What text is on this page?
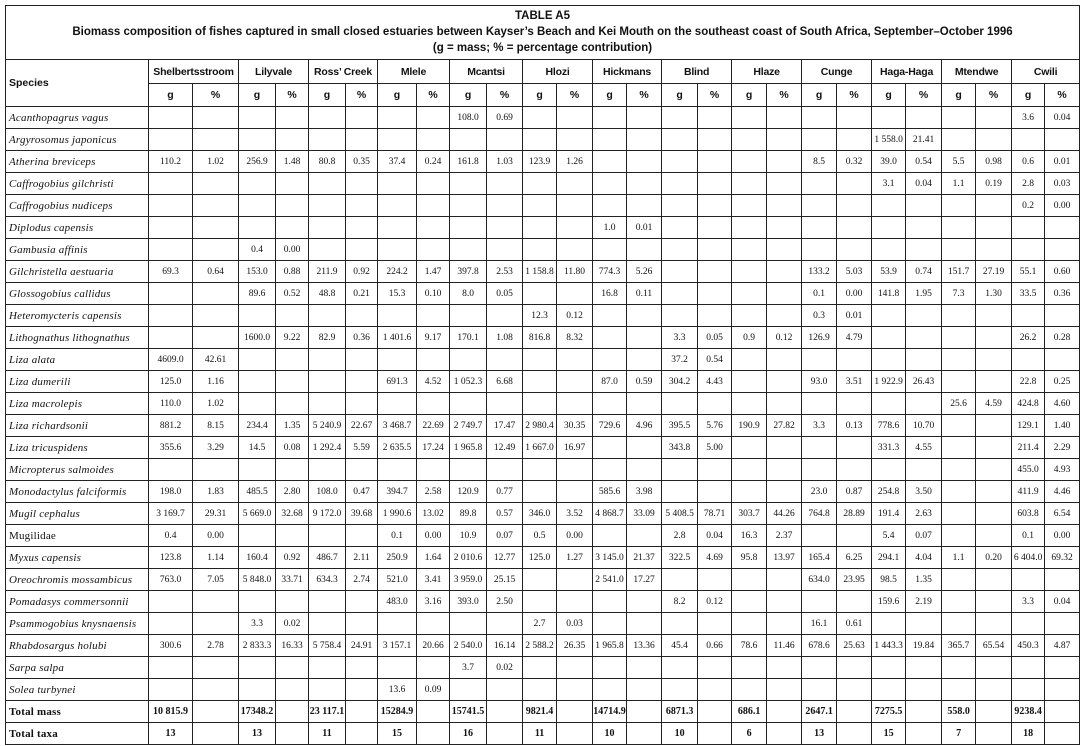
TABLE A5
Biomass composition of fishes captured in small closed estuaries between Kayser’s Beach and Kei Mouth on the southeast coast of South Africa, September–October 1996
(g = mass; % = percentage contribution)
Species	Shelbertsstroom		Lilyvale		Ross’ Creek		Mlele		Mcantsi		Hlozi		Hickmans		Blind		Hlaze		Cunge		Haga-Haga		Mtendwe		Cwili	
	g	%	g	%	g	%	g	%	g	%	g	%	g	%	g	%	g	%	g	%	g	%	g	%	g	%
Acanthopagrus vagus									108.0	0.69															3.6	0.04
Argyrosomus japonicus																					1 558.0	21.41				
Atherina breviceps	110.2	1.02	256.9	1.48	80.8	0.35	37.4	0.24	161.8	1.03	123.9	1.26							8.5	0.32	39.0	0.54	5.5	0.98	0.6	0.01
Caffrogobius gilchristi																					3.1	0.04	1.1	0.19	2.8	0.03
Caffrogobius nudiceps																									0.2	0.00
Diplodus capensis													1.0	0.01												
Gambusia affinis			0.4	0.00																						
Gilchristella aestuaria	69.3	0.64	153.0	0.88	211.9	0.92	224.2	1.47	397.8	2.53	1 158.8	11.80	774.3	5.26					133.2	5.03	53.9	0.74	151.7	27.19	55.1	0.60
Glossogobius callidus			89.6	0.52	48.8	0.21	15.3	0.10	8.0	0.05			16.8	0.11					0.1	0.00	141.8	1.95	7.3	1.30	33.5	0.36
Heteromycteris capensis											12.3	0.12							0.3	0.01						
Lithognathus lithognathus			1600.0	9.22	82.9	0.36	1 401.6	9.17	170.1	1.08	816.8	8.32			3.3	0.05	0.9	0.12	126.9	4.79					26.2	0.28
Liza alata	4609.0	42.61													37.2	0.54										
Liza dumerili	125.0	1.16					691.3	4.52	1 052.3	6.68			87.0	0.59	304.2	4.43			93.0	3.51	1 922.9	26.43			22.8	0.25
Liza macrolepis	110.0	1.02																					25.6	4.59	424.8	4.60
Liza richardsonii	881.2	8.15	234.4	1.35	5 240.9	22.67	3 468.7	22.69	2 749.7	17.47	2 980.4	30.35	729.6	4.96	395.5	5.76	190.9	27.82	3.3	0.13	778.6	10.70			129.1	1.40
Liza tricuspidens	355.6	3.29	14.5	0.08	1 292.4	5.59	2 635.5	17.24	1 965.8	12.49	1 667.0	16.97			343.8	5.00					331.3	4.55			211.4	2.29
Micropterus salmoides																									455.0	4.93
Monodactylus falciformis	198.0	1.83	485.5	2.80	108.0	0.47	394.7	2.58	120.9	0.77			585.6	3.98					23.0	0.87	254.8	3.50			411.9	4.46
Mugil cephalus	3 169.7	29.31	5 669.0	32.68	9 172.0	39.68	1 990.6	13.02	89.8	0.57	346.0	3.52	4 868.7	33.09	5 408.5	78.71	303.7	44.26	764.8	28.89	191.4	2.63			603.8	6.54
Mugilidae	0.4	0.00					0.1	0.00	10.9	0.07	0.5	0.00			2.8	0.04	16.3	2.37			5.4	0.07			0.1	0.00
Myxus capensis	123.8	1.14	160.4	0.92	486.7	2.11	250.9	1.64	2 010.6	12.77	125.0	1.27	3 145.0	21.37	322.5	4.69	95.8	13.97	165.4	6.25	294.1	4.04	1.1	0.20	6 404.0	69.32
Oreochromis mossambicus	763.0	7.05	5 848.0	33.71	634.3	2.74	521.0	3.41	3 959.0	25.15			2 541.0	17.27					634.0	23.95	98.5	1.35				
Pomadasys commersonnii							483.0	3.16	393.0	2.50					8.2	0.12					159.6	2.19			3.3	0.04
Psammogobius knysnaensis			3.3	0.02							2.7	0.03							16.1	0.61						
Rhabdosargus holubi	300.6	2.78	2 833.3	16.33	5 758.4	24.91	3 157.1	20.66	2 540.0	16.14	2 588.2	26.35	1 965.8	13.36	45.4	0.66	78.6	11.46	678.6	25.63	1 443.3	19.84	365.7	65.54	450.3	4.87
Sarpa salpa									3.7	0.02																
Solea turbynei							13.6	0.09																		
Total mass	10 815.9		17348.2		23 117.1		15284.9		15741.5		9821.4		14714.9		6871.3		686.1		2647.1		7275.5		558.0		9238.4	
Total taxa	13		13		11		15		16		11		10		10		6		13		15		7		18	
